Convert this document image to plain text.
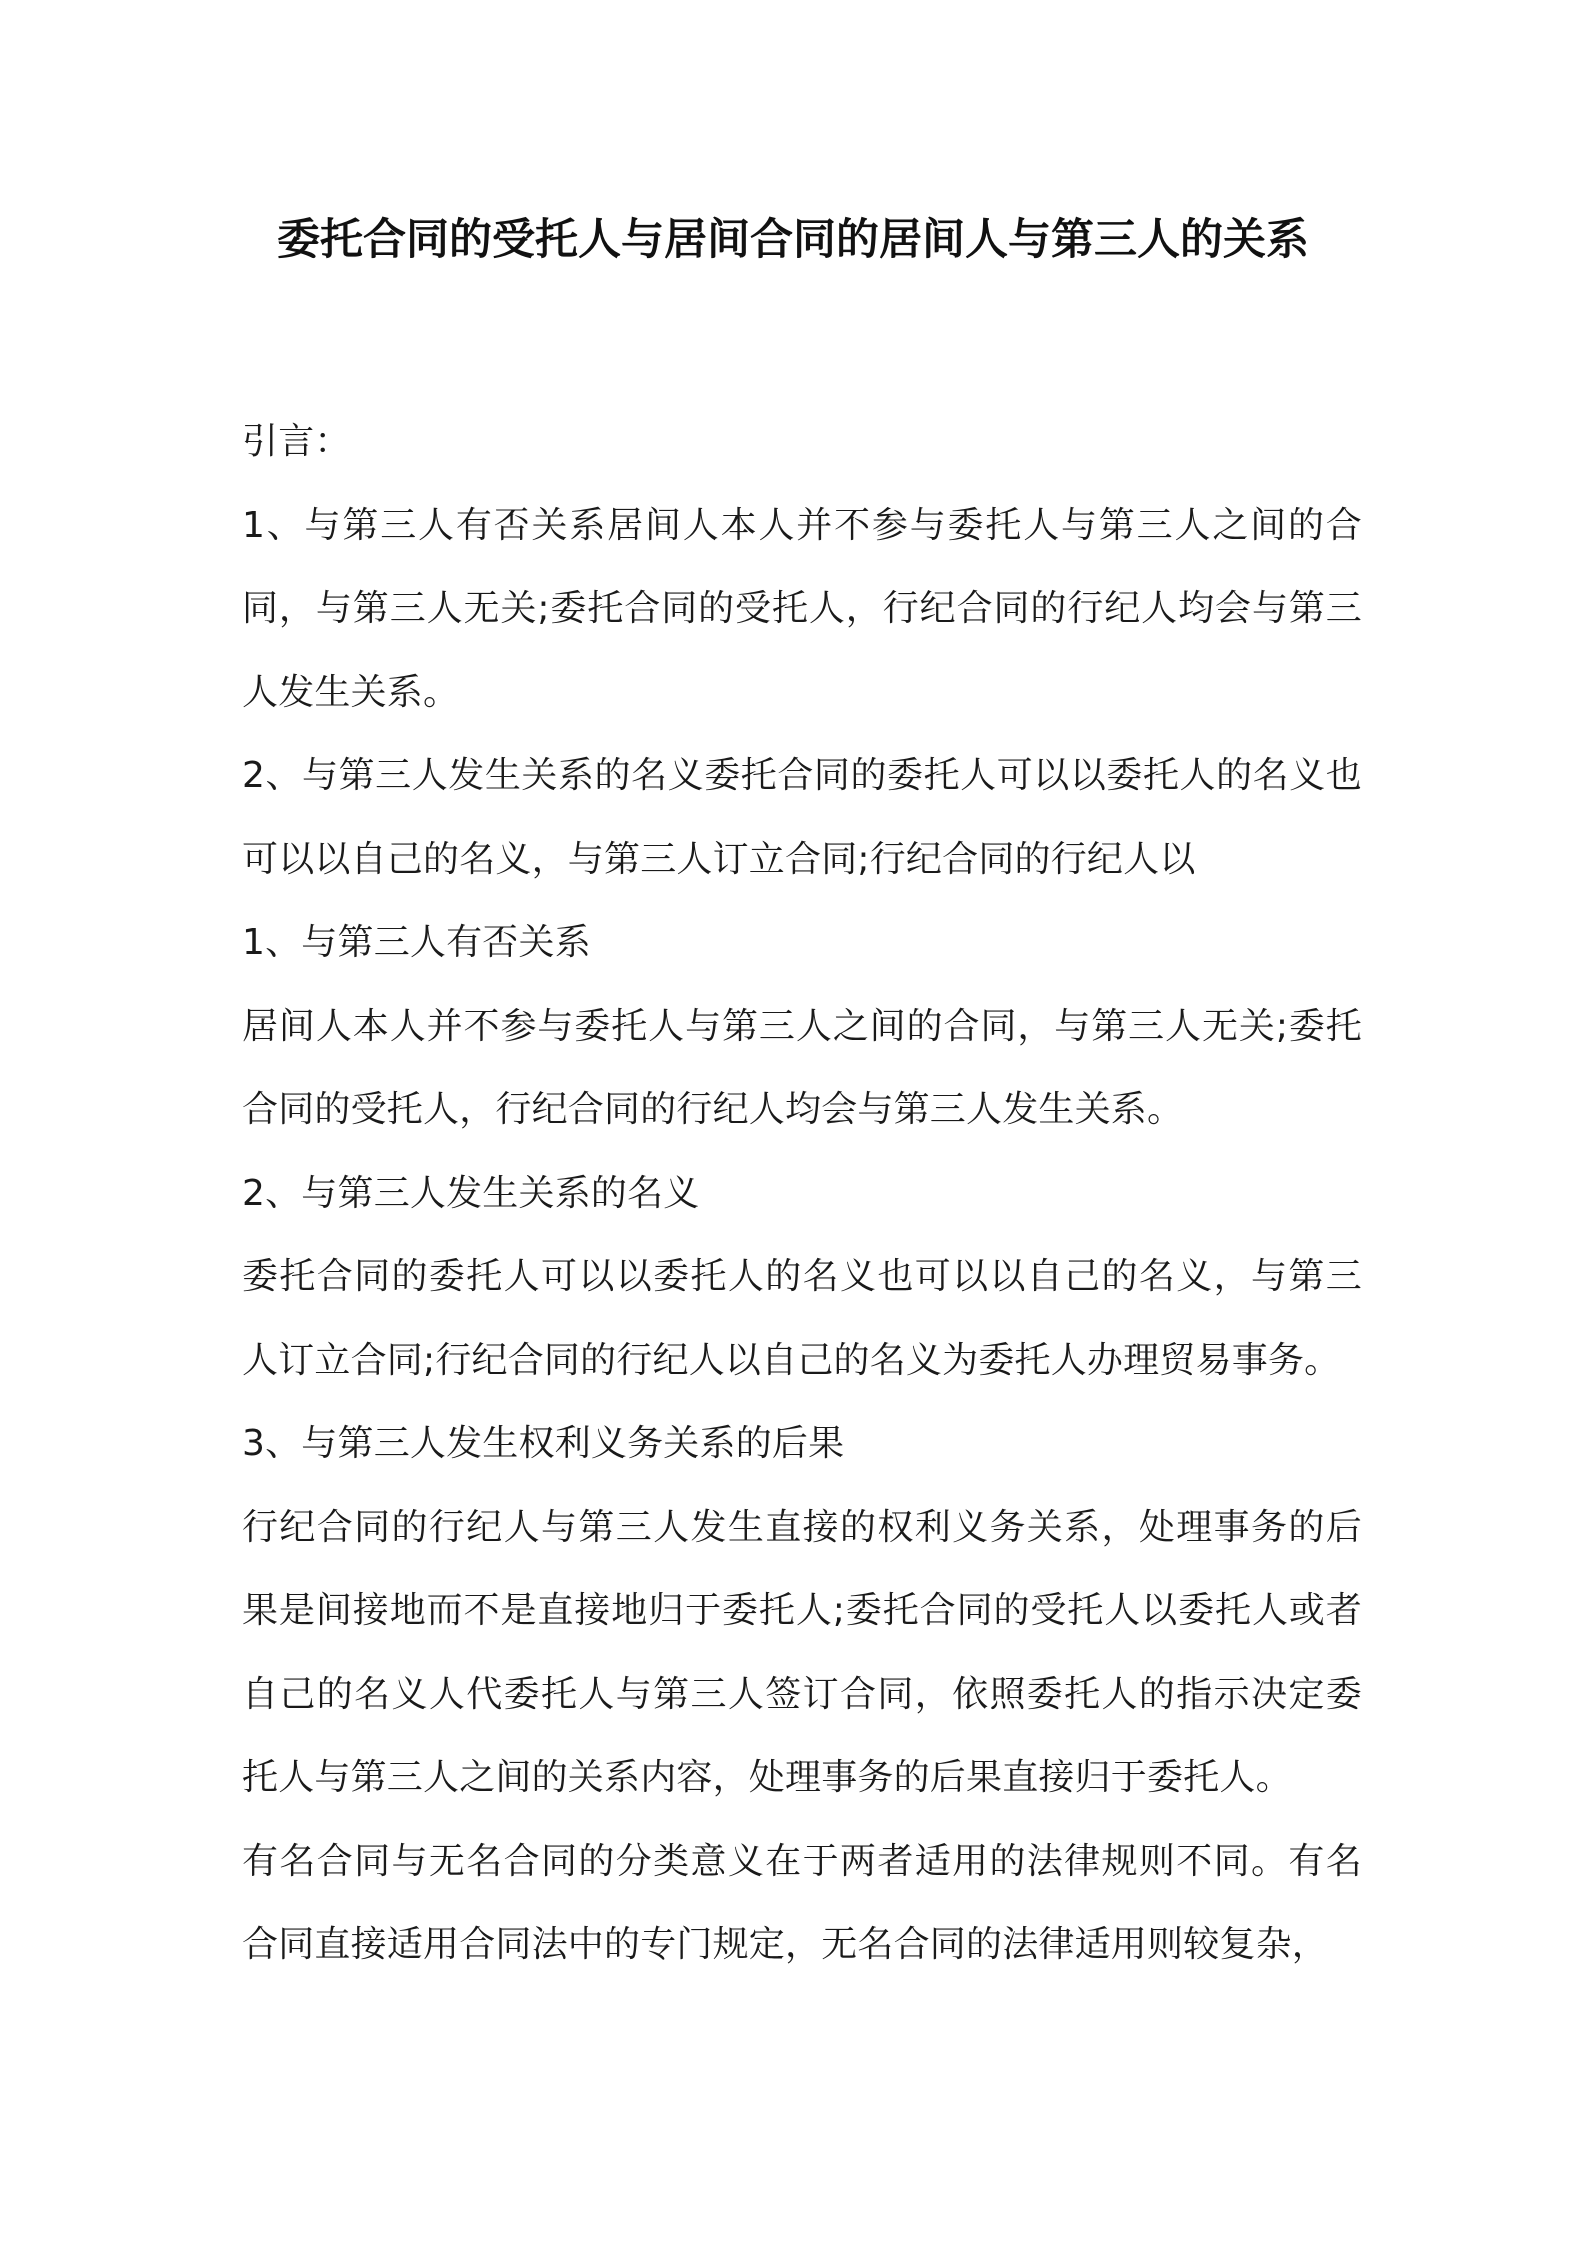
委托合同的受托人与居间合同的居间人与第三人的关系

引言：

1、与第三人有否关系居间人本人并不参与委托人与第三人之间的合同，与第三人无关;委托合同的受托人，行纪合同的行纪人均会与第三人发生关系。

2、与第三人发生关系的名义委托合同的委托人可以以委托人的名义也可以以自己的名义，与第三人订立合同;行纪合同的行纪人以

1、与第三人有否关系

居间人本人并不参与委托人与第三人之间的合同，与第三人无关;委托合同的受托人，行纪合同的行纪人均会与第三人发生关系。

2、与第三人发生关系的名义

委托合同的委托人可以以委托人的名义也可以以自己的名义，与第三人订立合同;行纪合同的行纪人以自己的名义为委托人办理贸易事务。

3、与第三人发生权利义务关系的后果

行纪合同的行纪人与第三人发生直接的权利义务关系，处理事务的后果是间接地而不是直接地归于委托人;委托合同的受托人以委托人或者自己的名义人代委托人与第三人签订合同，依照委托人的指示决定委托人与第三人之间的关系内容，处理事务的后果直接归于委托人。

有名合同与无名合同的分类意义在于两者适用的法律规则不同。有名合同直接适用合同法中的专门规定，无名合同的法律适用则较复杂，
